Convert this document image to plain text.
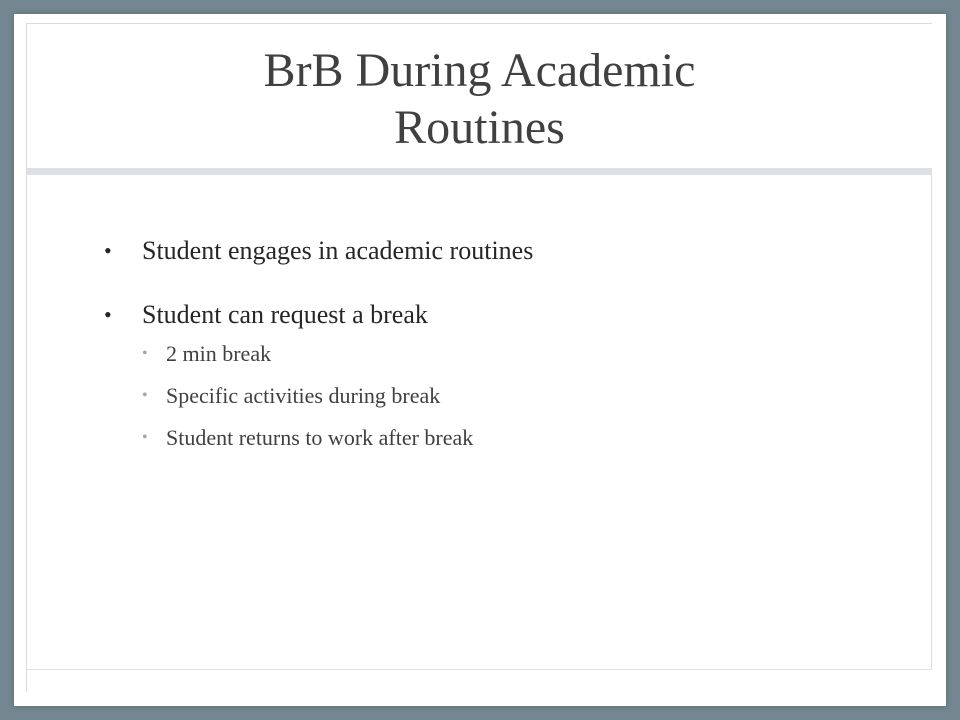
BrB During Academic
Routines
• Student engages in academic routines
• Student can request a break
• 2 min break
• Specific activities during break
• Student returns to work after break
